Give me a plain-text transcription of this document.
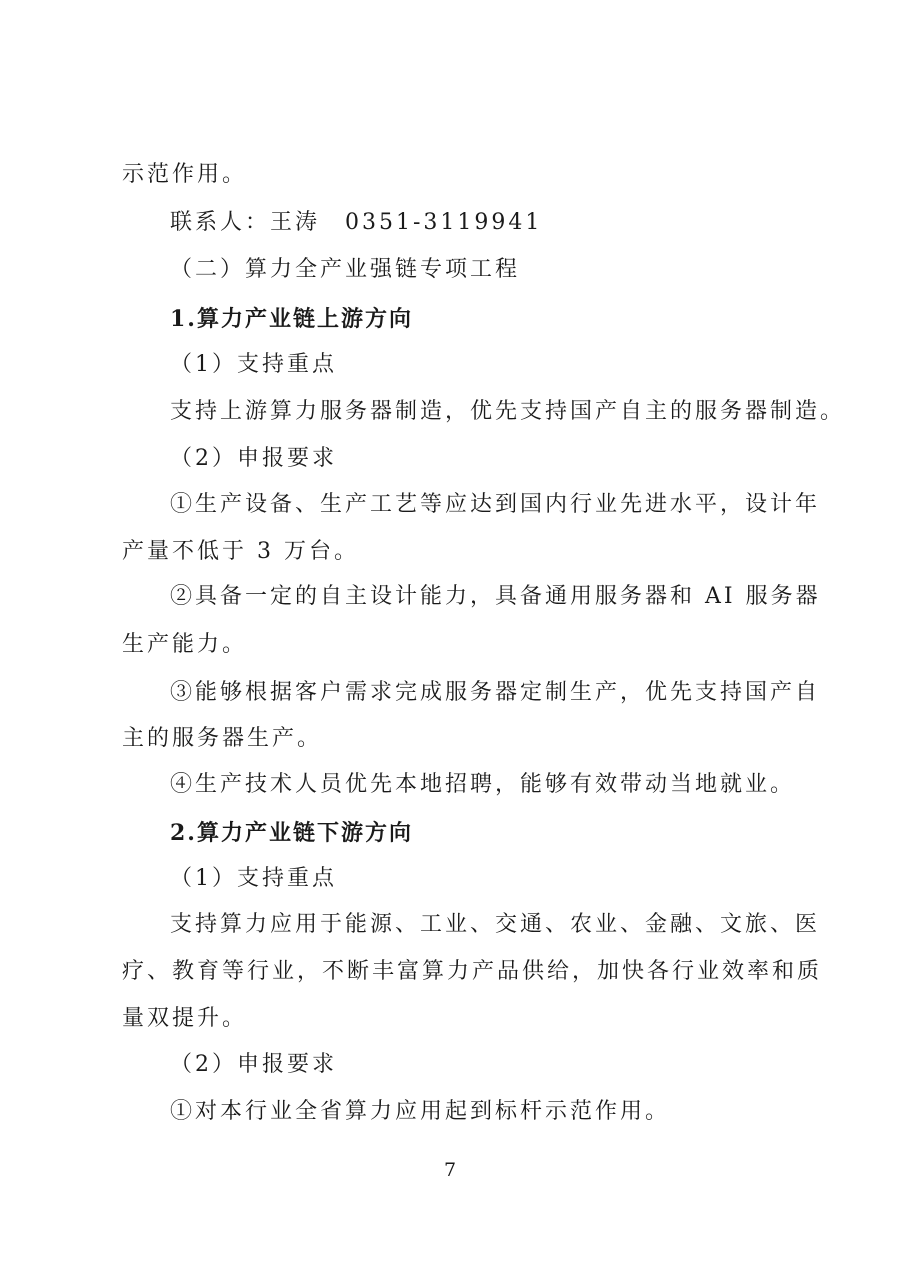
示范作用。
联系人：王涛　0351-3119941
（二）算力全产业强链专项工程
1.算力产业链上游方向
（1）支持重点
支持上游算力服务器制造，优先支持国产自主的服务器制造。
（2）申报要求
①生产设备、生产工艺等应达到国内行业先进水平，设计年
产量不低于 3 万台。
②具备一定的自主设计能力，具备通用服务器和 AI 服务器
生产能力。
③能够根据客户需求完成服务器定制生产，优先支持国产自
主的服务器生产。
④生产技术人员优先本地招聘，能够有效带动当地就业。
2.算力产业链下游方向
（1）支持重点
支持算力应用于能源、工业、交通、农业、金融、文旅、医
疗、教育等行业，不断丰富算力产品供给，加快各行业效率和质
量双提升。
（2）申报要求
①对本行业全省算力应用起到标杆示范作用。
7
